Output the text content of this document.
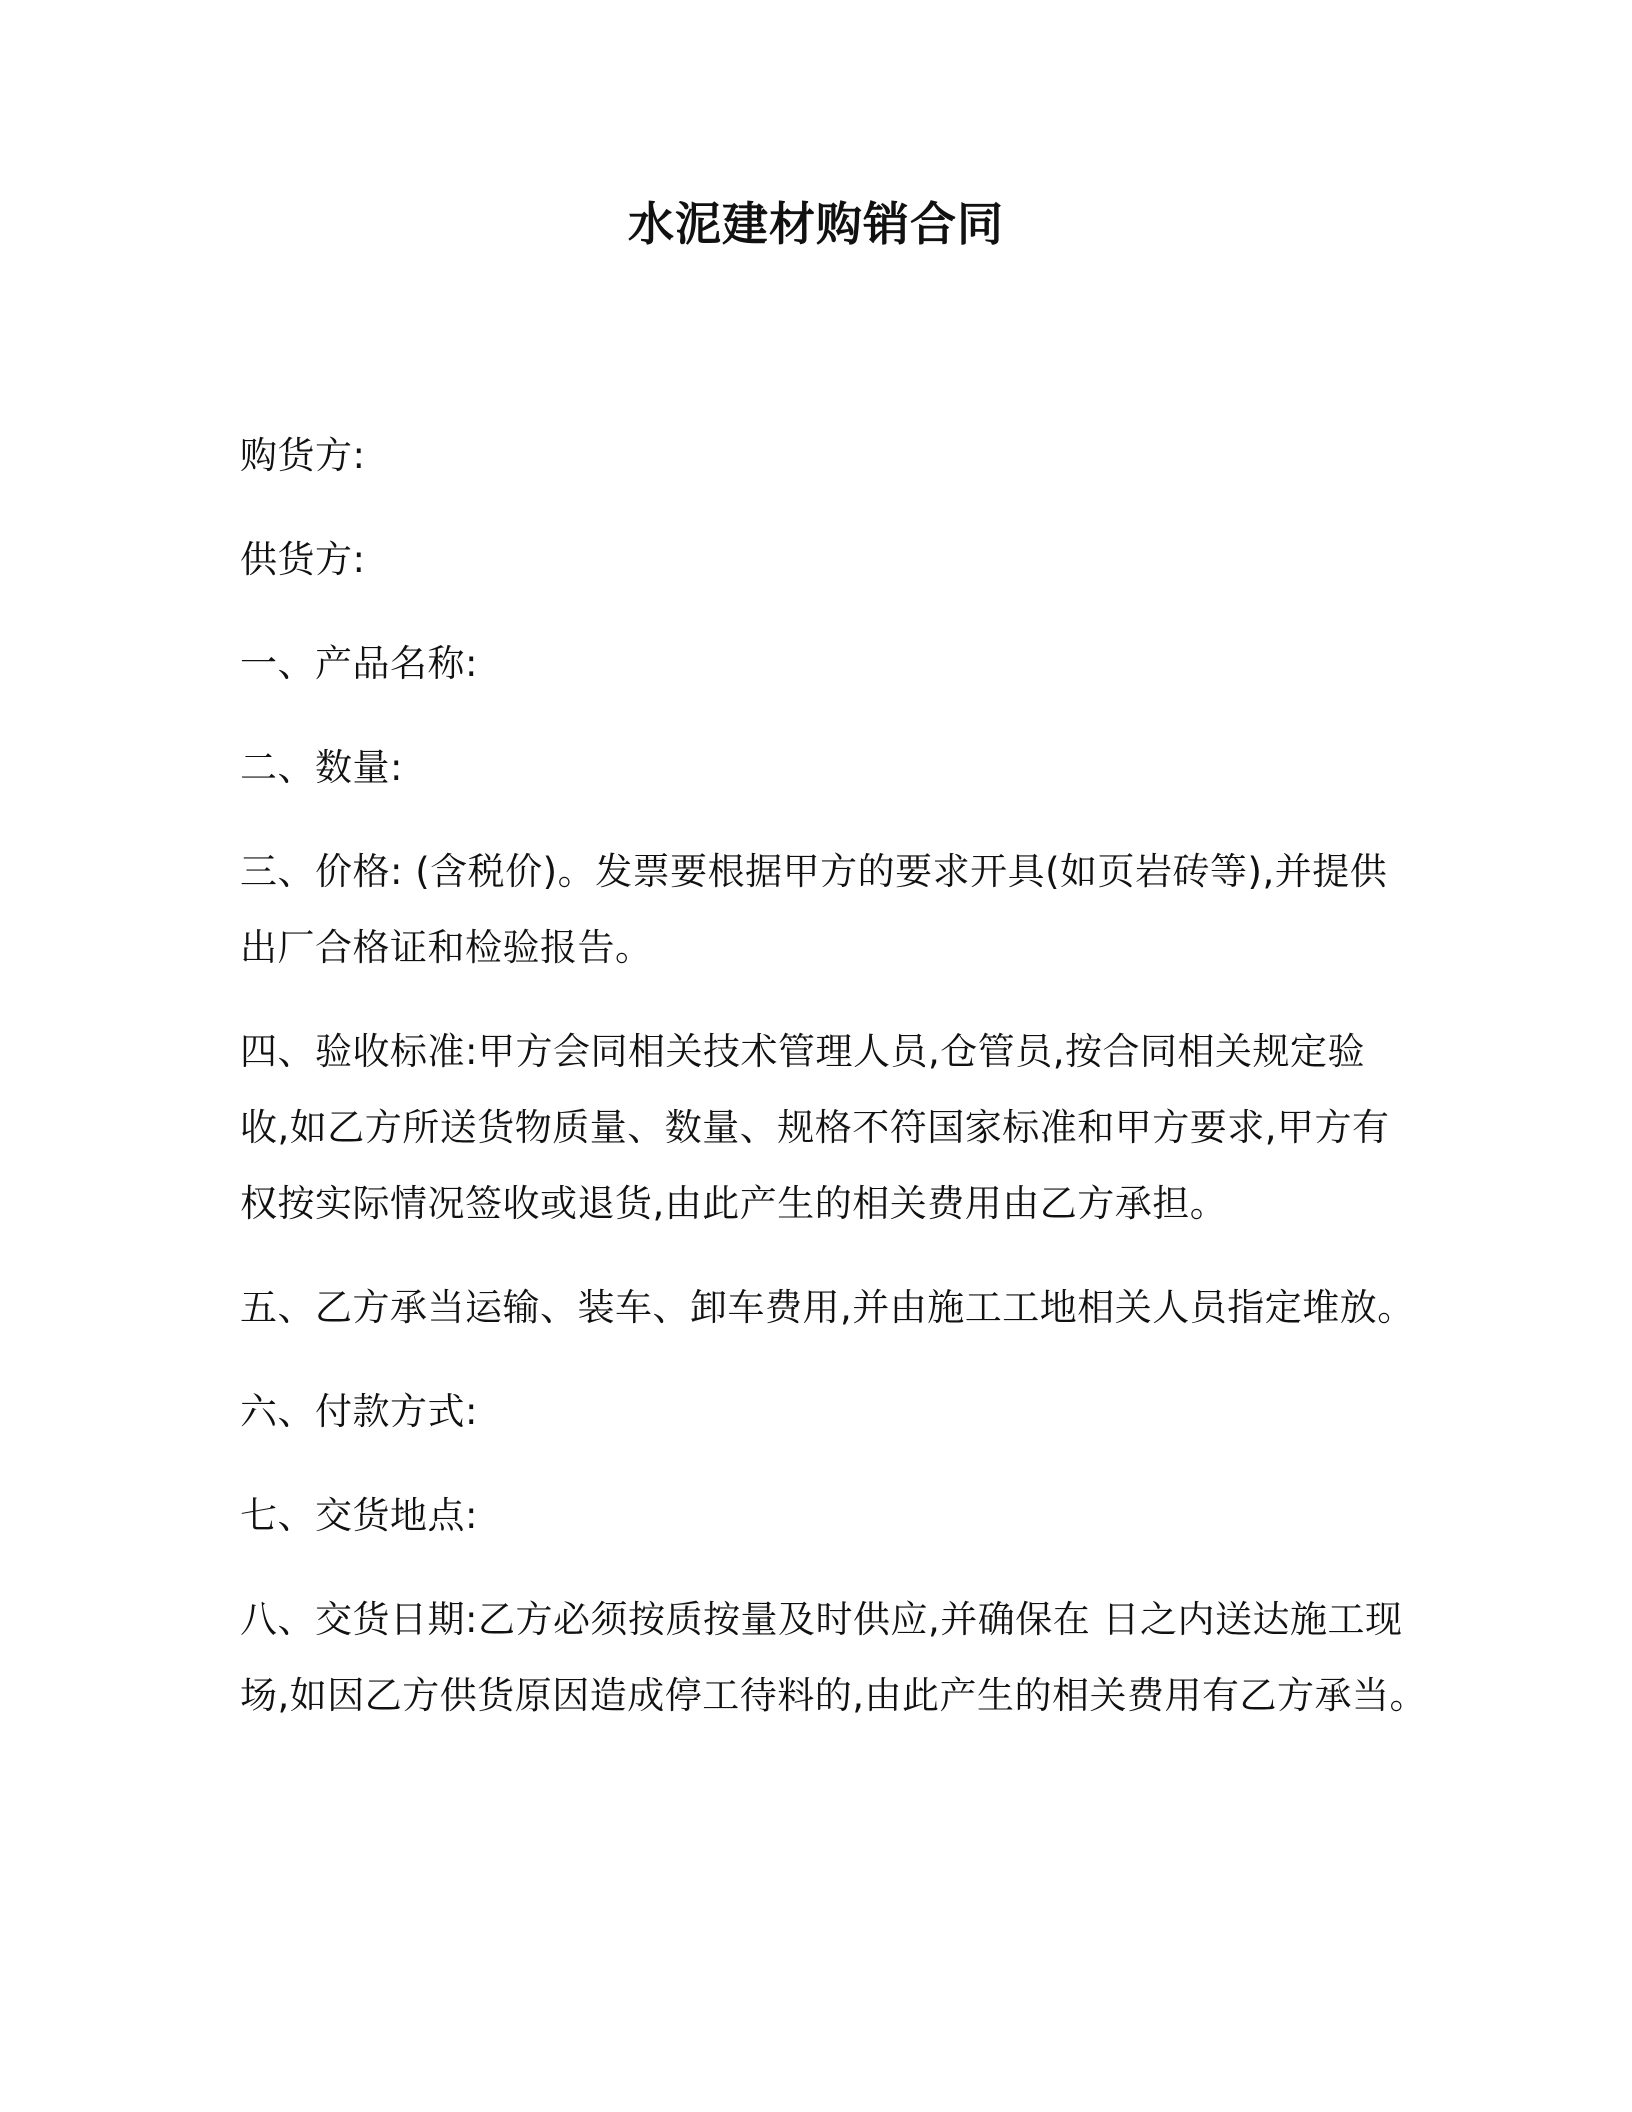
水泥建材购销合同

购货方:

供货方:

一、产品名称:

二、数量:

三、价格: (含税价)。发票要根据甲方的要求开具(如页岩砖等),并提供
出厂合格证和检验报告。

四、验收标准:甲方会同相关技术管理人员,仓管员,按合同相关规定验
收,如乙方所送货物质量、数量、规格不符国家标准和甲方要求,甲方有
权按实际情况签收或退货,由此产生的相关费用由乙方承担。

五、乙方承当运输、装车、卸车费用,并由施工工地相关人员指定堆放。

六、付款方式:

七、交货地点:

八、交货日期:乙方必须按质按量及时供应,并确保在 日之内送达施工现
场,如因乙方供货原因造成停工待料的,由此产生的相关费用有乙方承当。
